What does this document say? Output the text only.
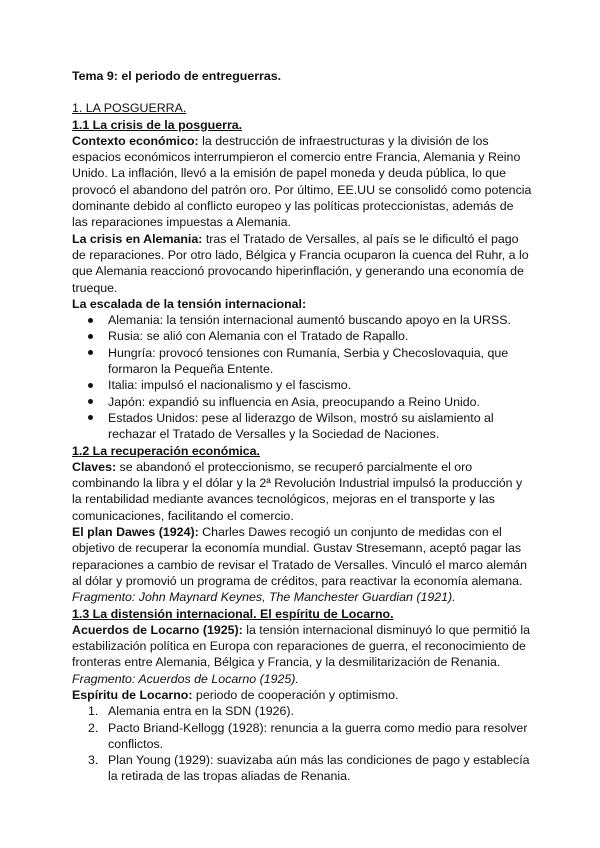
Tema 9: el periodo de entreguerras.

1. LA POSGUERRA.

1.1 La crisis de la posguerra.

Contexto económico: la destrucción de infraestructuras y la división de los espacios económicos interrumpieron el comercio entre Francia, Alemania y Reino Unido. La inflación, llevó a la emisión de papel moneda y deuda pública, lo que provocó el abandono del patrón oro. Por último, EE.UU se consolidó como potencia dominante debido al conflicto europeo y las políticas proteccionistas, además de las reparaciones impuestas a Alemania.

La crisis en Alemania: tras el Tratado de Versalles, al país se le dificultó el pago de reparaciones. Por otro lado, Bélgica y Francia ocuparon la cuenca del Ruhr, a lo que Alemania reaccionó provocando hiperinflación, y generando una economía de trueque.

La escalada de la tensión internacional:

Alemania: la tensión internacional aumentó buscando apoyo en la URSS.
Rusia: se alió con Alemania con el Tratado de Rapallo.
Hungría: provocó tensiones con Rumanía, Serbia y Checoslovaquia, que formaron la Pequeña Entente.
Italia: impulsó el nacionalismo y el fascismo.
Japón: expandió su influencia en Asia, preocupando a Reino Unido.
Estados Unidos: pese al liderazgo de Wilson, mostró su aislamiento al rechazar el Tratado de Versalles y la Sociedad de Naciones.

1.2 La recuperación económica.

Claves: se abandonó el proteccionismo, se recuperó parcialmente el oro combinando la libra y el dólar y la 2ª Revolución Industrial impulsó la producción y la rentabilidad mediante avances tecnológicos, mejoras en el transporte y las comunicaciones, facilitando el comercio.

El plan Dawes (1924): Charles Dawes recogió un conjunto de medidas con el objetivo de recuperar la economía mundial. Gustav Stresemann, aceptó pagar las reparaciones a cambio de revisar el Tratado de Versalles. Vinculó el marco alemán al dólar y promovió un programa de créditos, para reactivar la economía alemana.

Fragmento: John Maynard Keynes, The Manchester Guardian (1921).

1.3 La distensión internacional. El espíritu de Locarno.

Acuerdos de Locarno (1925): la tensión internacional disminuyó lo que permitió la estabilización política en Europa con reparaciones de guerra, el reconocimiento de fronteras entre Alemania, Bélgica y Francia, y la desmilitarización de Renania.

Fragmento: Acuerdos de Locarno (1925).

Espíritu de Locarno: periodo de cooperación y optimismo.

1. Alemania entra en la SDN (1926).
2. Pacto Briand-Kellogg (1928): renuncia a la guerra como medio para resolver conflictos.
3. Plan Young (1929): suavizaba aún más las condiciones de pago y establecía la retirada de las tropas aliadas de Renania.
